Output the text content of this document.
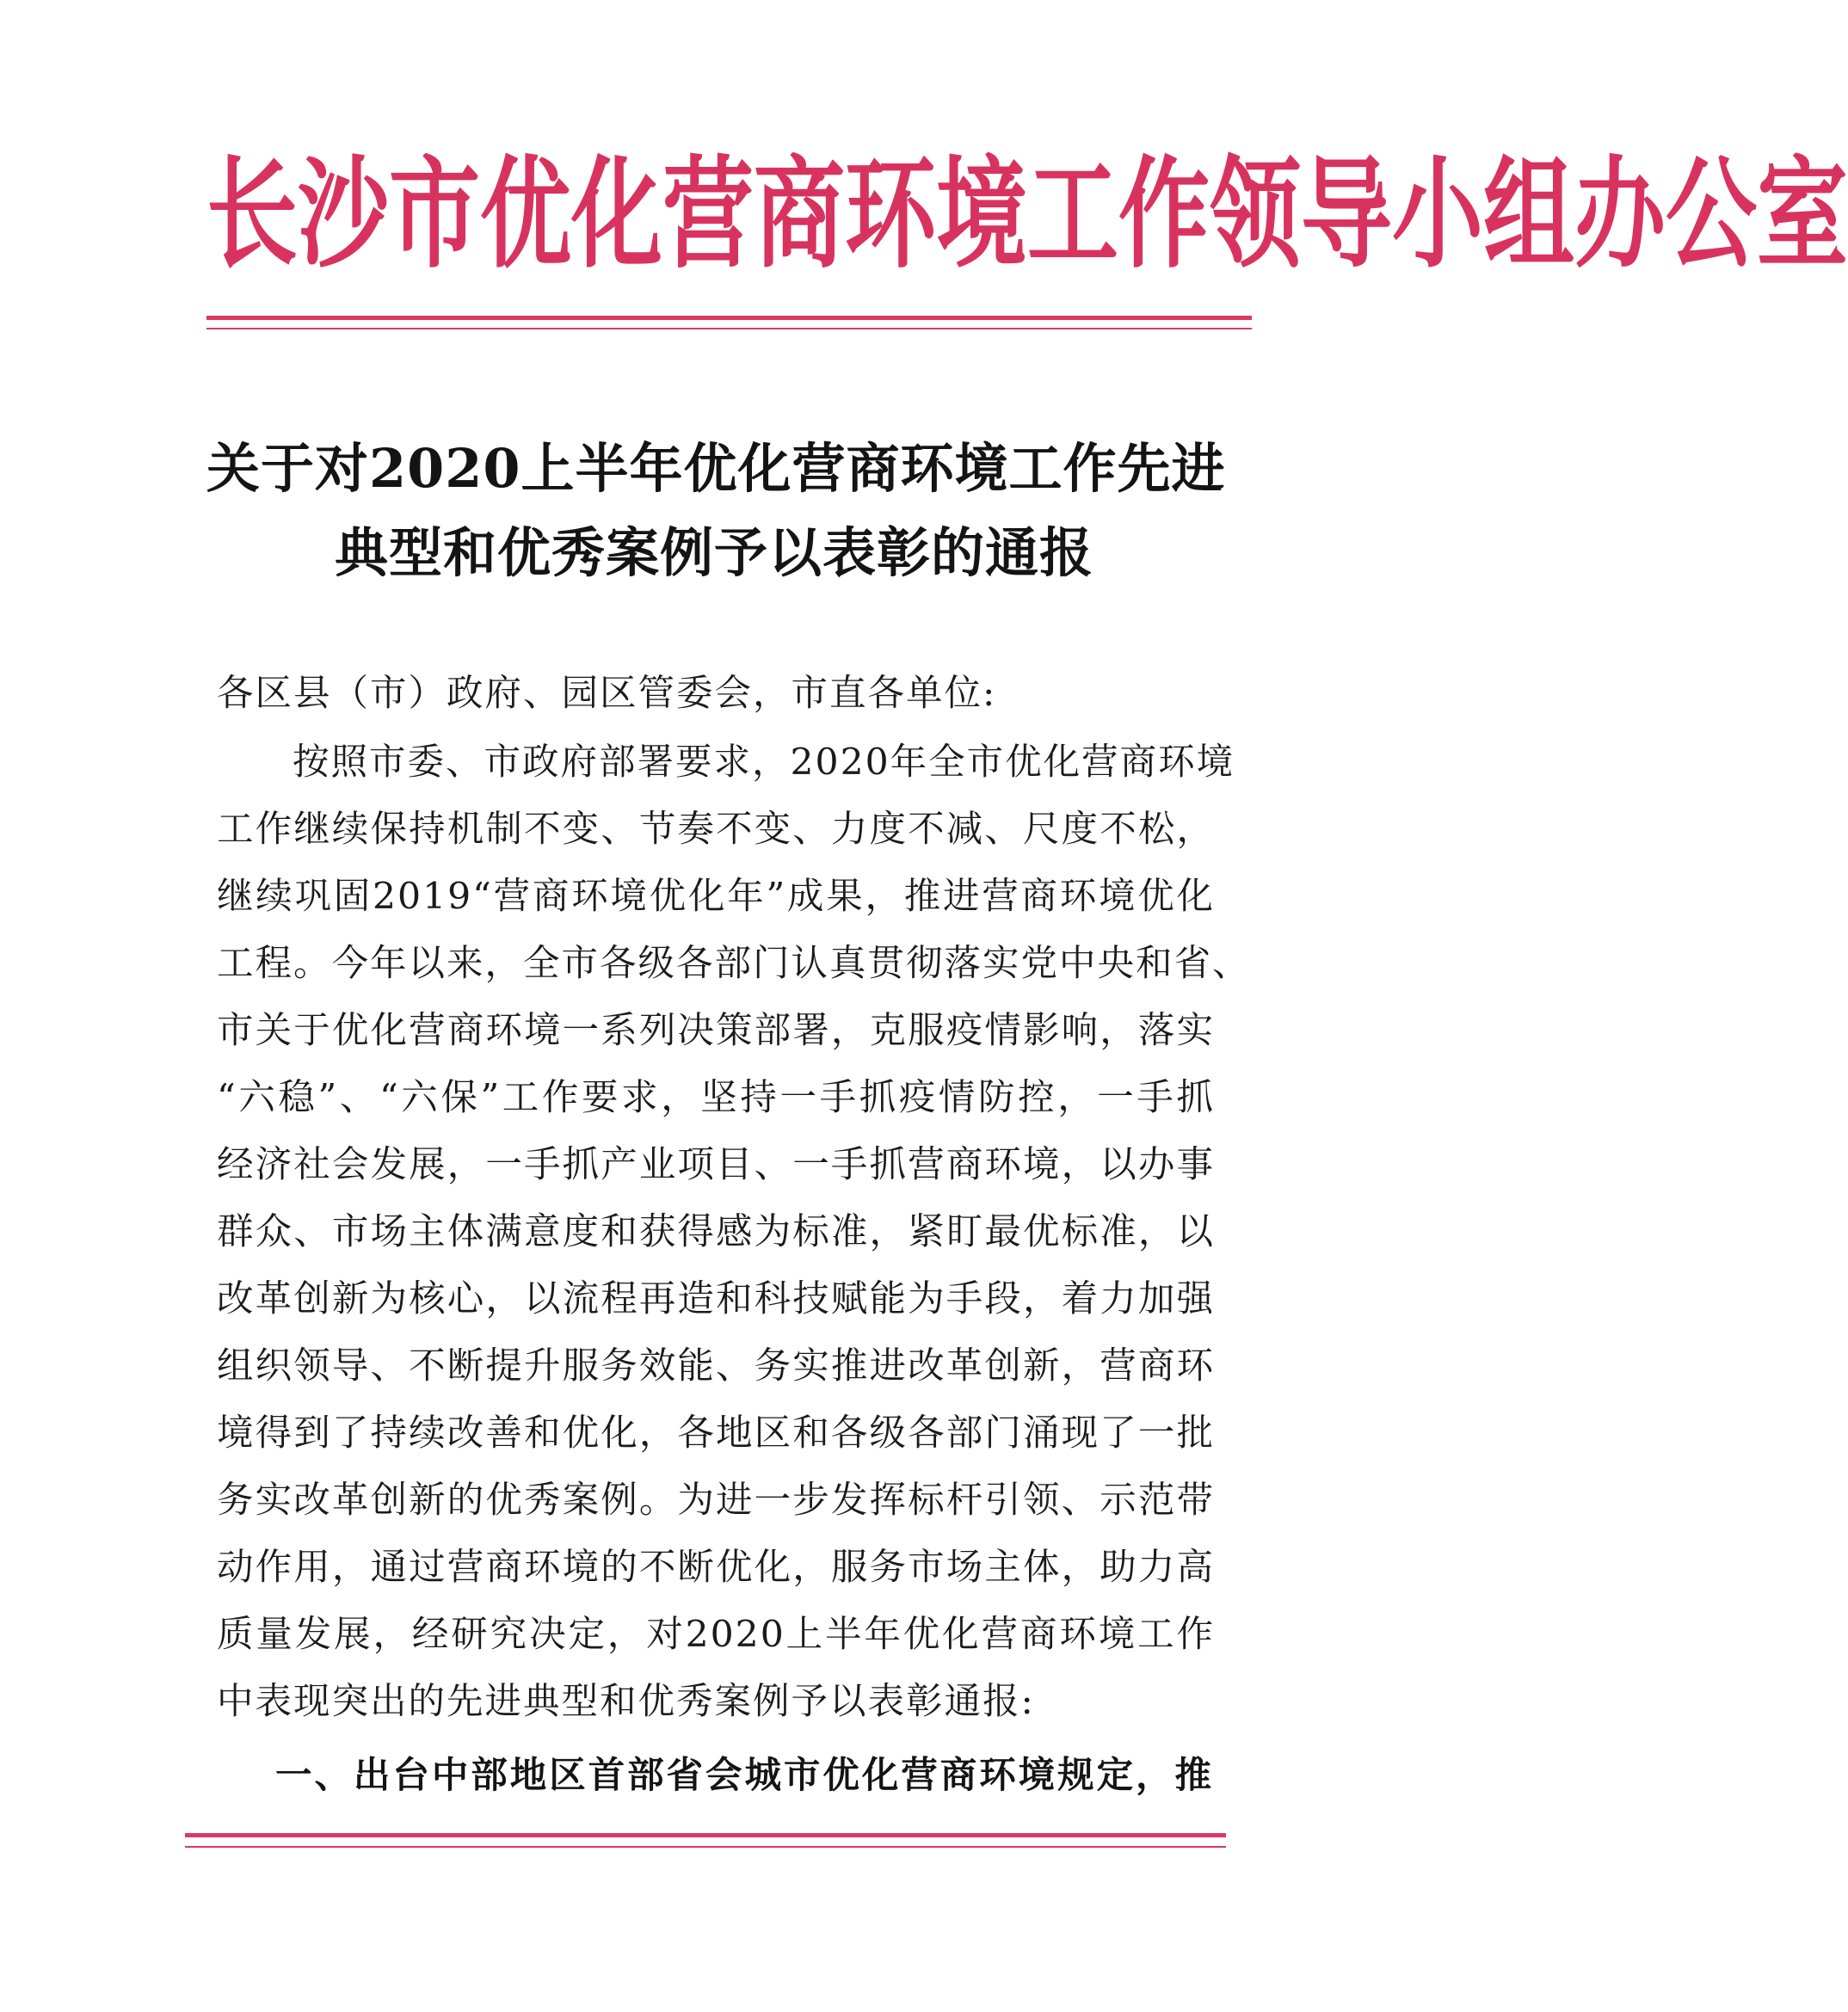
长沙市优化营商环境工作领导小组办公室
关于对2020上半年优化营商环境工作先进
典型和优秀案例予以表彰的通报
各区县（市）政府、园区管委会，市直各单位:
按照市委、市政府部署要求，2020年全市优化营商环境
工作继续保持机制不变、节奏不变、力度不减、尺度不松，
继续巩固2019“营商环境优化年”成果，推进营商环境优化
工程。今年以来，全市各级各部门认真贯彻落实党中央和省、
市关于优化营商环境一系列决策部署，克服疫情影响，落实
“六稳”、“六保”工作要求，坚持一手抓疫情防控，一手抓
经济社会发展，一手抓产业项目、一手抓营商环境，以办事
群众、市场主体满意度和获得感为标准，紧盯最优标准，以
改革创新为核心，以流程再造和科技赋能为手段，着力加强
组织领导、不断提升服务效能、务实推进改革创新，营商环
境得到了持续改善和优化，各地区和各级各部门涌现了一批
务实改革创新的优秀案例。为进一步发挥标杆引领、示范带
动作用，通过营商环境的不断优化，服务市场主体，助力高
质量发展，经研究决定，对2020上半年优化营商环境工作
中表现突出的先进典型和优秀案例予以表彰通报:
一、出台中部地区首部省会城市优化营商环境规定，推
